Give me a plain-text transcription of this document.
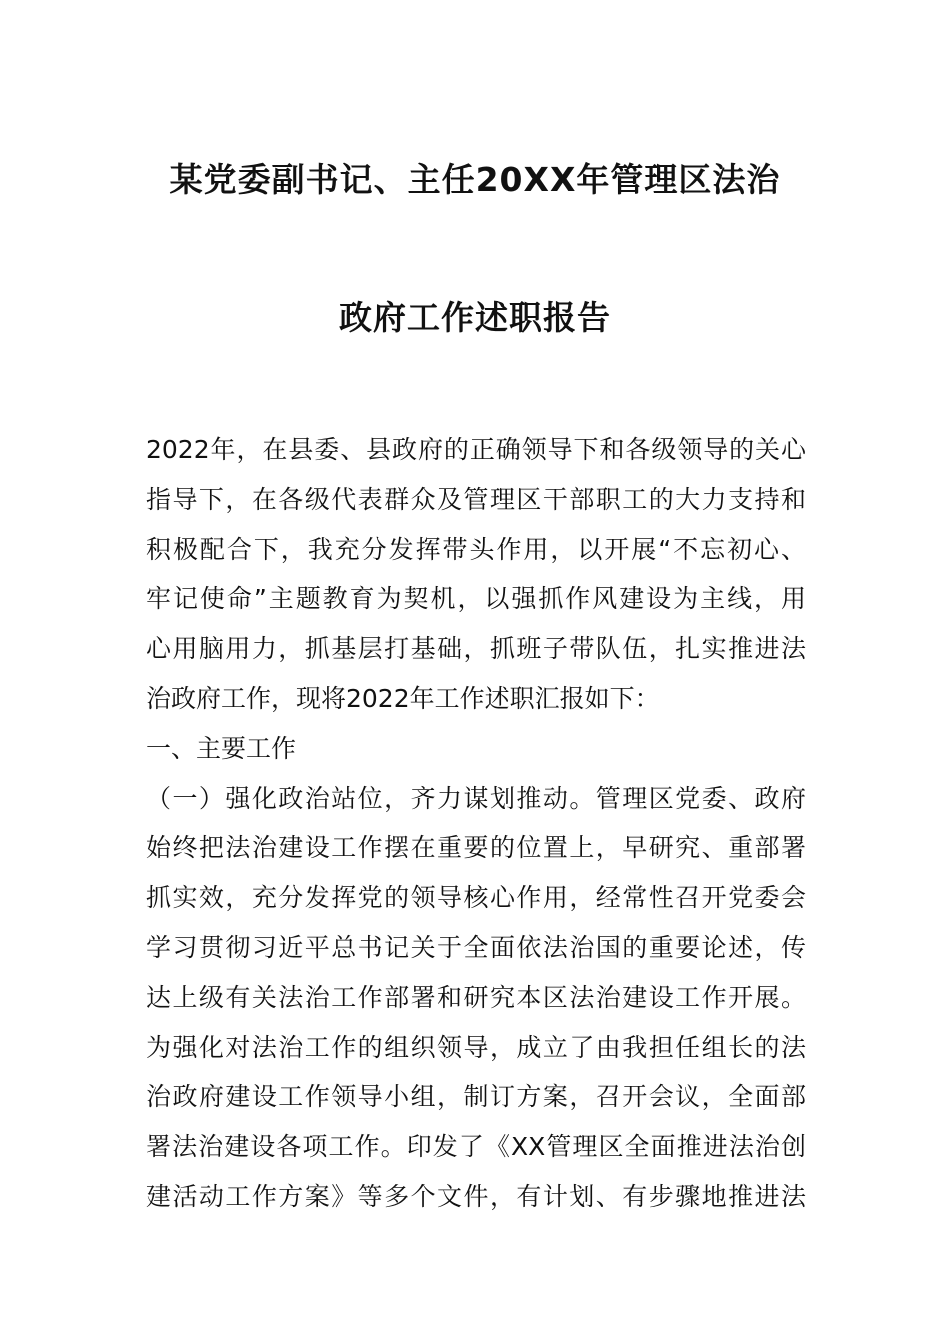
某党委副书记、主任20XX年管理区法治
政府工作述职报告
2022年，在县委、县政府的正确领导下和各级领导的关心
指导下，在各级代表群众及管理区干部职工的大力支持和
积极配合下，我充分发挥带头作用，以开展“不忘初心、
牢记使命”主题教育为契机，以强抓作风建设为主线，用
心用脑用力，抓基层打基础，抓班子带队伍，扎实推进法
治政府工作，现将2022年工作述职汇报如下：
一、主要工作
（一）强化政治站位，齐力谋划推动。管理区党委、政府
始终把法治建设工作摆在重要的位置上，早研究、重部署
抓实效，充分发挥党的领导核心作用，经常性召开党委会
学习贯彻习近平总书记关于全面依法治国的重要论述，传
达上级有关法治工作部署和研究本区法治建设工作开展。
为强化对法治工作的组织领导，成立了由我担任组长的法
治政府建设工作领导小组，制订方案，召开会议，全面部
署法治建设各项工作。印发了《XX管理区全面推进法治创
建活动工作方案》等多个文件，有计划、有步骤地推进法
